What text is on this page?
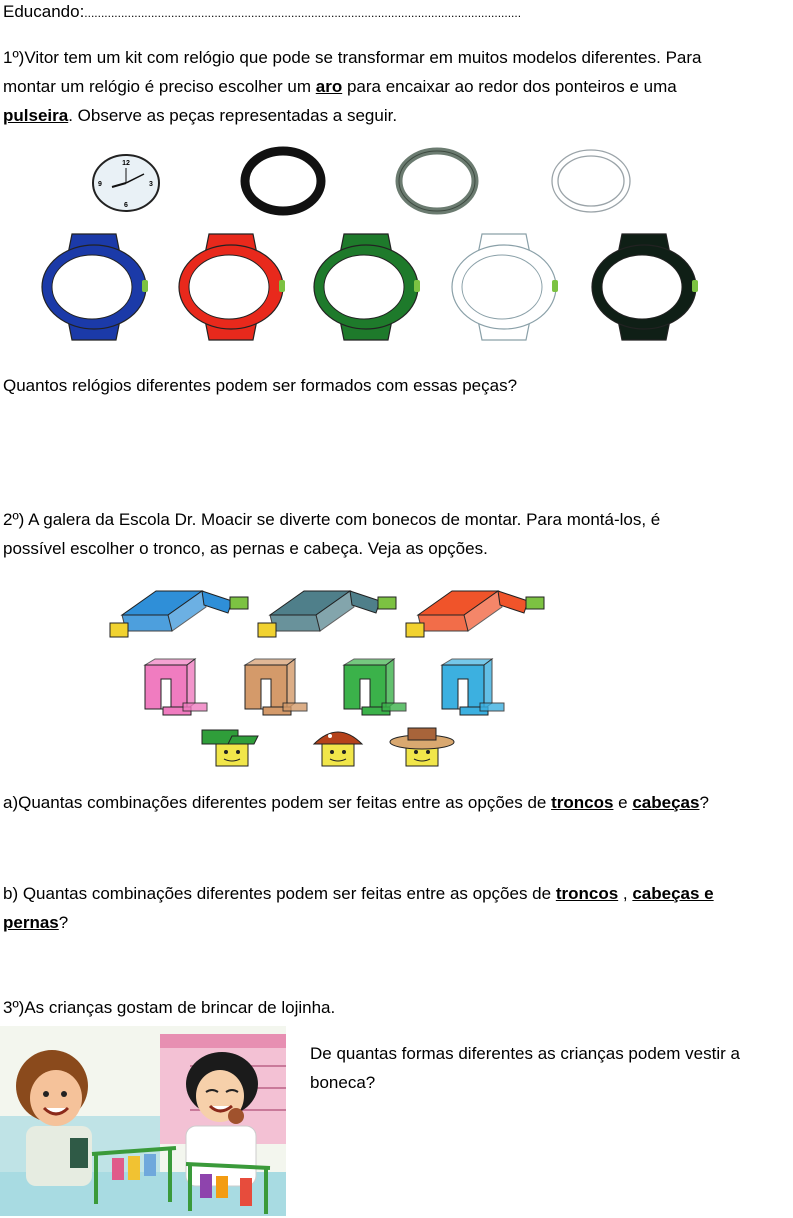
Educando:...................................................................................................................................
1º)Vitor tem um kit com relógio que pode se transformar em muitos modelos diferentes. Para
montar um relógio é preciso escolher um aro para encaixar ao redor dos ponteiros e uma
pulseira. Observe as peças representadas a seguir.
12
3
6
9
Quantos relógios diferentes podem ser formados com essas peças?
2º) A galera da Escola Dr. Moacir se diverte com bonecos de montar. Para montá-los, é
possível escolher o tronco, as pernas e cabeça. Veja as opções.
a)Quantas combinações diferentes podem ser feitas entre as opções de troncos e cabeças?
b) Quantas combinações diferentes podem ser feitas entre as opções de troncos , cabeças e
pernas?
3º)As crianças gostam de brincar de lojinha.
De quantas formas diferentes as crianças podem vestir a
boneca?
